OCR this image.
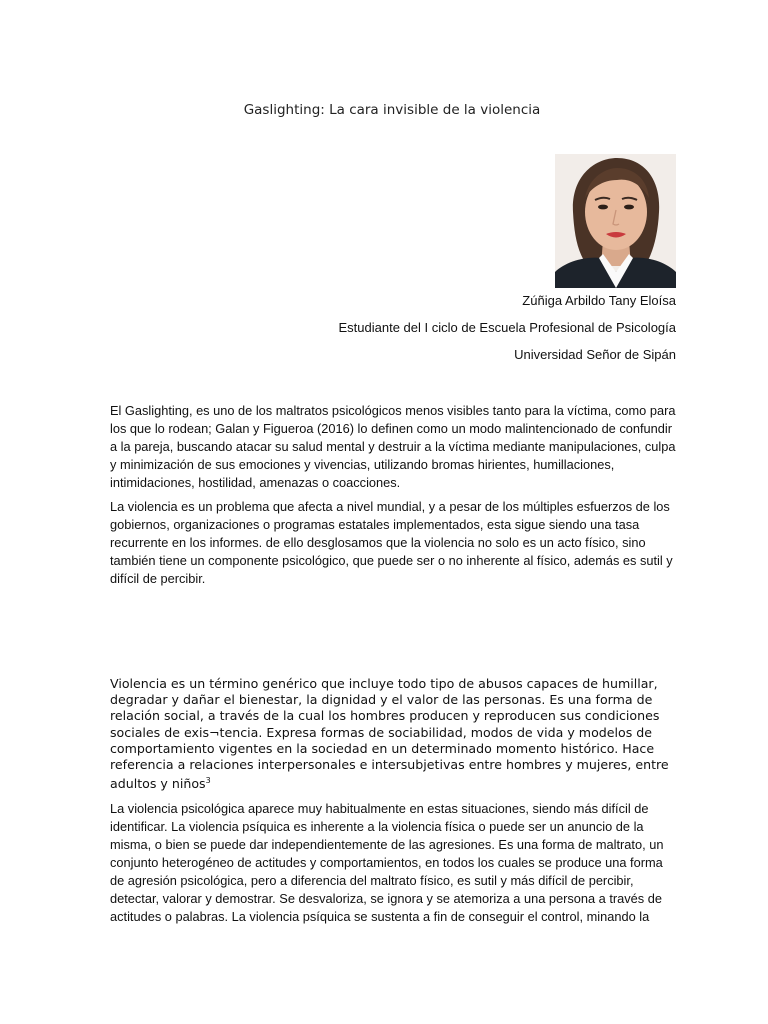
Gaslighting: La cara invisible de la violencia
Zúñiga Arbildo Tany Eloísa
Estudiante del I ciclo de Escuela Profesional de Psicología
Universidad Señor de Sipán

El Gaslighting, es uno de los maltratos psicológicos menos visibles tanto para la víctima, como para los que lo rodean; Galan y Figueroa (2016) lo definen como un modo malintencionado de confundir a la pareja, buscando atacar su salud mental y destruir a la víctima mediante manipulaciones, culpa y minimización de sus emociones y vivencias, utilizando bromas hirientes, humillaciones, intimidaciones, hostilidad, amenazas o coacciones.

La violencia es un problema que afecta a nivel mundial, y a pesar de los múltiples esfuerzos de los gobiernos, organizaciones o programas estatales implementados, esta sigue siendo una tasa recurrente en los informes. de ello desglosamos que la violencia no solo es un acto físico, sino también tiene un componente psicológico, que puede ser o no inherente al físico, además es sutil y difícil de percibir.

Violencia es un término genérico que incluye todo tipo de abusos capaces de humillar, degradar y dañar el bienestar, la dignidad y el valor de las personas. Es una forma de relación social, a través de la cual los hombres producen y reproducen sus condiciones sociales de exis¬tencia. Expresa formas de sociabilidad, modos de vida y modelos de comportamiento vigentes en la sociedad en un determinado momento histórico. Hace referencia a relaciones interpersonales e intersubjetivas entre hombres y mujeres, entre adultos y niños$^3$

La violencia psicológica aparece muy habitualmente en estas situaciones, siendo más difícil de identificar. La violencia psíquica es inherente a la violencia física o puede ser un anuncio de la misma, o bien se puede dar independientemente de las agresiones. Es una forma de maltrato, un conjunto heterogéneo de actitudes y comportamientos, en todos los cuales se produce una forma de agresión psicológica, pero a diferencia del maltrato físico, es sutil y más difícil de percibir, detectar, valorar y demostrar. Se desvaloriza, se ignora y se atemoriza a una persona a través de actitudes o palabras. La violencia psíquica se sustenta a fin de conseguir el control, minando la
